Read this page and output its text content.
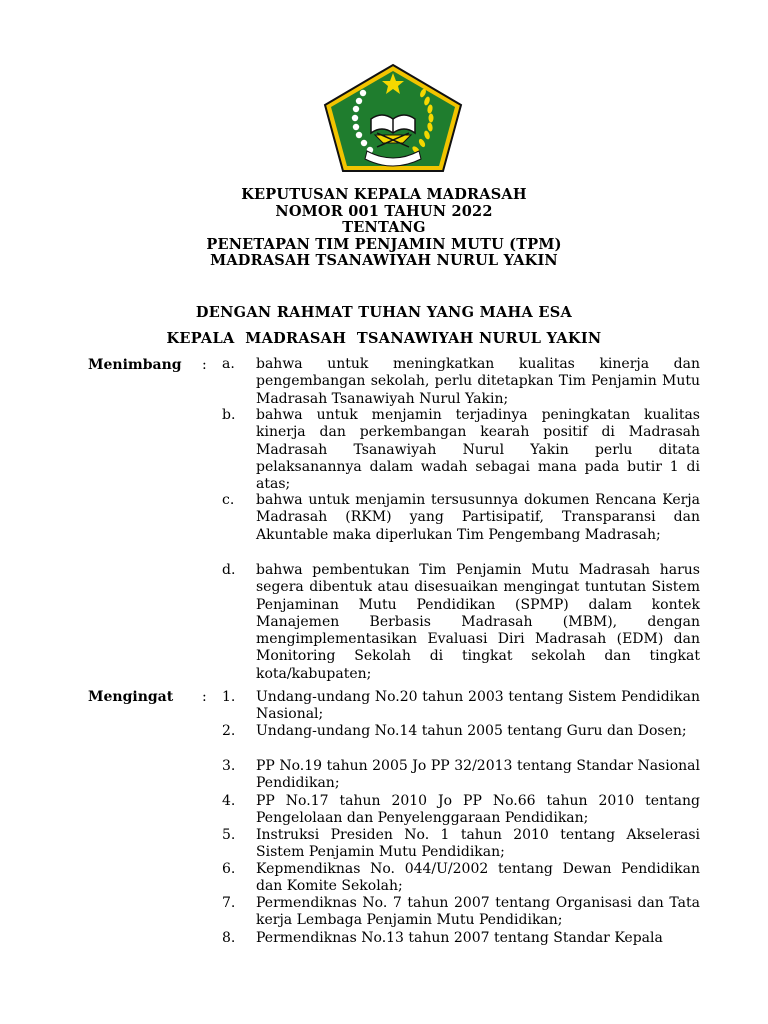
KEPUTUSAN KEPALA MADRASAH
NOMOR 001 TAHUN 2022
TENTANG
PENETAPAN TIM PENJAMIN MUTU (TPM)
MADRASAH TSANAWIYAH NURUL YAKIN
DENGAN RAHMAT TUHAN YANG MAHA ESA
KEPALA  MADRASAH  TSANAWIYAH NURUL YAKIN
Menimbang : a.	bahwa untuk meningkatkan kualitas kinerja dan pengembangan sekolah, perlu ditetapkan Tim Penjamin Mutu Madrasah Tsanawiyah Nurul Yakin;
b.	bahwa untuk menjamin terjadinya peningkatan kualitas kinerja dan perkembangan kearah positif di Madrasah Madrasah Tsanawiyah Nurul Yakin perlu ditata pelaksanannya dalam wadah sebagai mana pada butir 1 di atas;
c.	bahwa untuk menjamin tersusunnya dokumen Rencana Kerja Madrasah (RKM) yang Partisipatif, Transparansi dan Akuntable maka diperlukan Tim Pengembang Madrasah;
d.	bahwa pembentukan Tim Penjamin Mutu Madrasah harus segera dibentuk atau disesuaikan mengingat tuntutan Sistem Penjaminan Mutu Pendidikan (SPMP) dalam kontek Manajemen Berbasis Madrasah (MBM), dengan mengimplementasikan Evaluasi Diri Madrasah (EDM) dan Monitoring Sekolah di tingkat sekolah dan tingkat kota/kabupaten;
Mengingat : 1.	Undang-undang No.20 tahun 2003 tentang Sistem Pendidikan Nasional;
2.	Undang-undang No.14 tahun 2005 tentang Guru dan Dosen;
3.	PP No.19 tahun 2005 Jo PP 32/2013 tentang Standar Nasional Pendidikan;
4.	PP No.17 tahun 2010 Jo PP No.66 tahun 2010 tentang Pengelolaan dan Penyelenggaraan Pendidikan;
5.	Instruksi Presiden No. 1 tahun 2010 tentang Akselerasi Sistem Penjamin Mutu Pendidikan;
6.	Kepmendiknas No. 044/U/2002 tentang Dewan Pendidikan dan Komite Sekolah;
7.	Permendiknas No. 7 tahun 2007 tentang Organisasi dan Tata kerja Lembaga Penjamin Mutu Pendidikan;
8.	Permendiknas No.13 tahun 2007 tentang Standar Kepala
